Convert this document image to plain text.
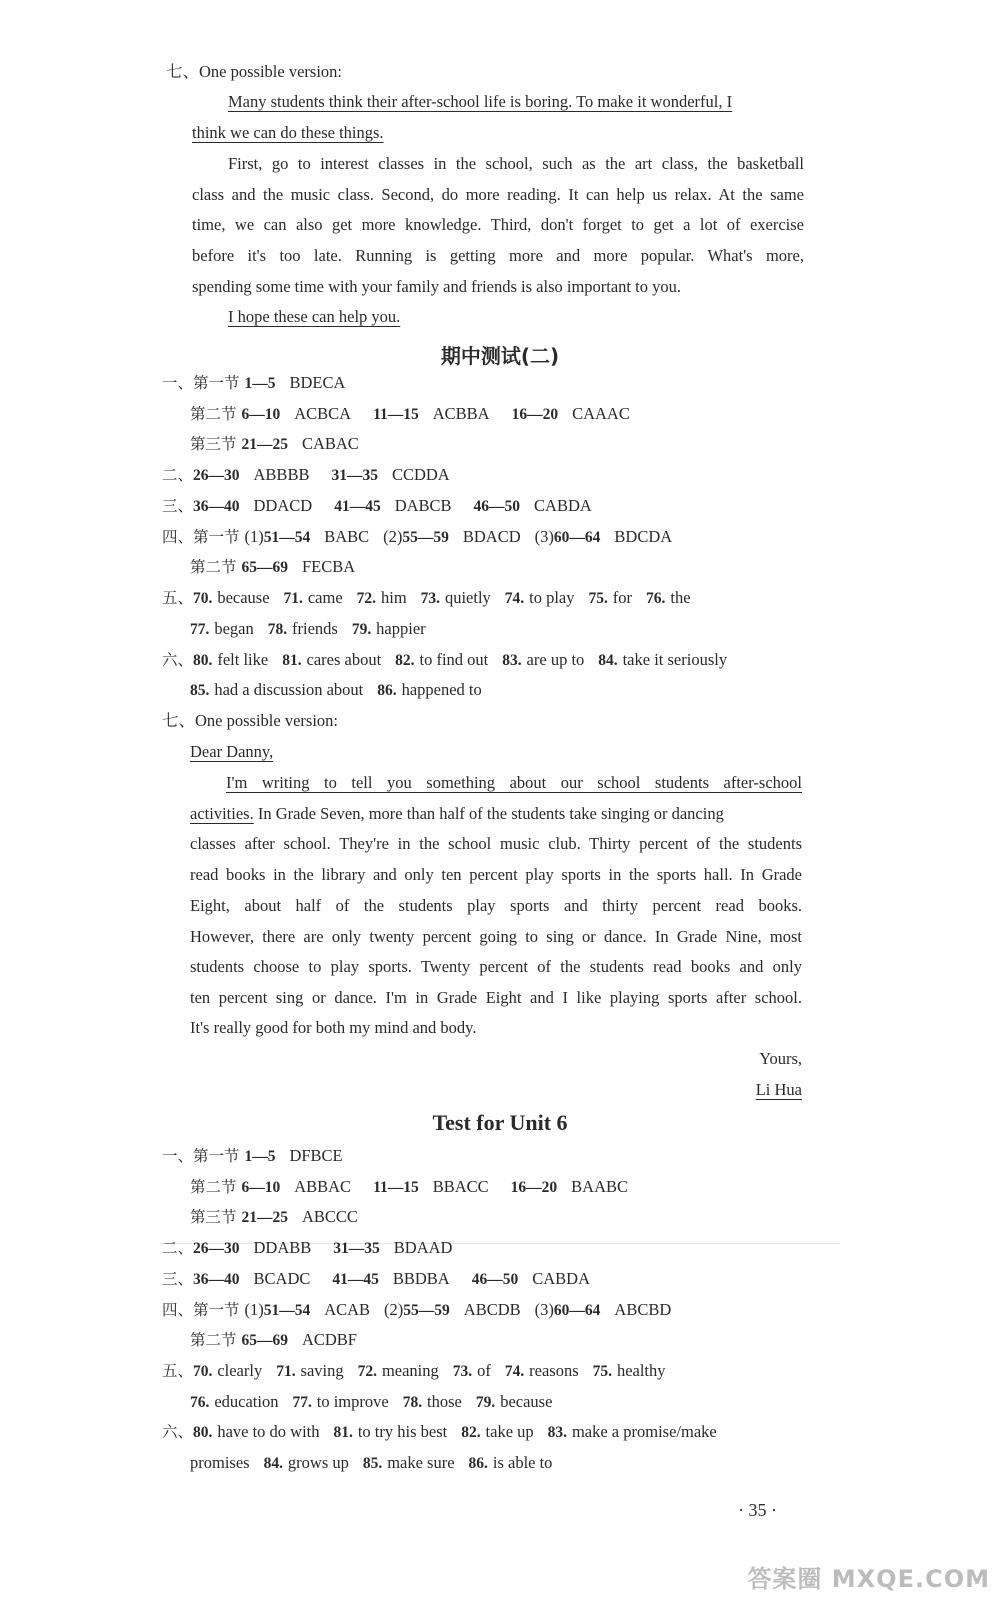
七、One possible version:
Many students think their after-school life is boring. To make it wonderful, I
think we can do these things.
First, go to interest classes in the school, such as the art class, the basketball
class and the music class. Second, do more reading. It can help us relax. At the same
time, we can also get more knowledge. Third, don't forget to get a lot of exercise
before it's too late. Running is getting more and more popular. What's more,
spending some time with your family and friends is also important to you.
I hope these can help you.
期中测试(二)
一、第一节 1—5 BDECA
第二节 6—10 ACBCA 11—15 ACBBA 16—20 CAAAC
第三节 21—25 CABAC
二、26—30 ABBBB 31—35 CCDDA
三、36—40 DDACD 41—45 DABCB 46—50 CABDA
四、第一节 (1)51—54 BABC (2)55—59 BDACD (3)60—64 BDCDA
第二节 65—69 FECBA
五、70. because 71. came 72. him 73. quietly 74. to play 75. for 76. the
77. began 78. friends 79. happier
六、80. felt like 81. cares about 82. to find out 83. are up to 84. take it seriously
85. had a discussion about 86. happened to
七、One possible version:
Dear Danny,
I'm writing to tell you something about our school students after-school
activities. In Grade Seven, more than half of the students take singing or dancing
classes after school. They're in the school music club. Thirty percent of the students
read books in the library and only ten percent play sports in the sports hall. In Grade
Eight, about half of the students play sports and thirty percent read books.
However, there are only twenty percent going to sing or dance. In Grade Nine, most
students choose to play sports. Twenty percent of the students read books and only
ten percent sing or dance. I'm in Grade Eight and I like playing sports after school.
It's really good for both my mind and body.
Yours,
Li Hua
Test for Unit 6
一、第一节 1—5 DFBCE
第二节 6—10 ABBAC 11—15 BBACC 16—20 BAABC
第三节 21—25 ABCCC
二、26—30 DDABB 31—35 BDAAD
三、36—40 BCADC 41—45 BBDBA 46—50 CABDA
四、第一节 (1)51—54 ACAB (2)55—59 ABCDB (3)60—64 ABCBD
第二节 65—69 ACDBF
五、70. clearly 71. saving 72. meaning 73. of 74. reasons 75. healthy
76. education 77. to improve 78. those 79. because
六、80. have to do with 81. to try his best 82. take up 83. make a promise/make
promises 84. grows up 85. make sure 86. is able to
· 35 ·
答案圈 MXQE.COM
